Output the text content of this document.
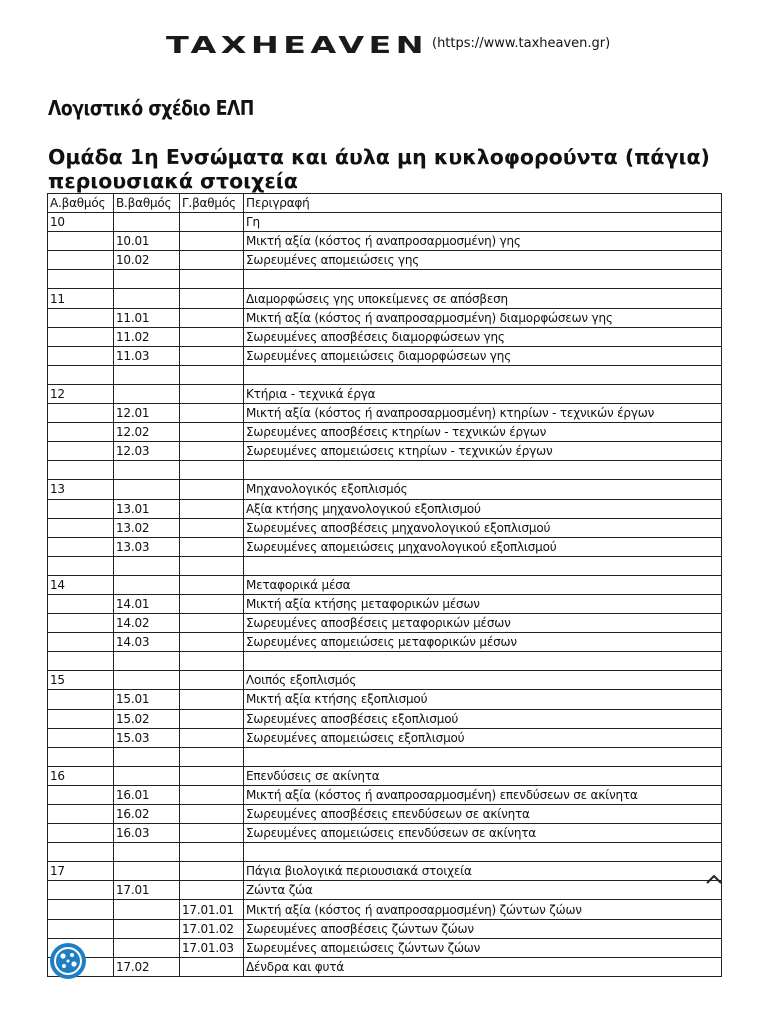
TAXHEAVEN (https://www.taxheaven.gr)
Λογιστικό σχέδιο ΕΛΠ
Ομάδα 1η Ενσώματα και άυλα μη κυκλοφορούντα (πάγια) περιουσιακά στοιχεία
Α.βαθμός	Β.βαθμός	Γ.βαθμός	Περιγραφή
10			Γη
	10.01		Μικτή αξία (κόστος ή αναπροσαρμοσμένη) γης
	10.02		Σωρευμένες απομειώσεις γης

11			Διαμορφώσεις γης υποκείμενες σε απόσβεση
	11.01		Μικτή αξία (κόστος ή αναπροσαρμοσμένη) διαμορφώσεων γης
	11.02		Σωρευμένες αποσβέσεις διαμορφώσεων γης
	11.03		Σωρευμένες απομειώσεις διαμορφώσεων γης

12			Κτήρια - τεχνικά έργα
	12.01		Μικτή αξία (κόστος ή αναπροσαρμοσμένη) κτηρίων - τεχνικών έργων
	12.02		Σωρευμένες αποσβέσεις κτηρίων - τεχνικών έργων
	12.03		Σωρευμένες απομειώσεις κτηρίων - τεχνικών έργων

13			Μηχανολογικός εξοπλισμός
	13.01		Αξία κτήσης μηχανολογικού εξοπλισμού
	13.02		Σωρευμένες αποσβέσεις μηχανολογικού εξοπλισμού
	13.03		Σωρευμένες απομειώσεις μηχανολογικού εξοπλισμού

14			Μεταφορικά μέσα
	14.01		Μικτή αξία κτήσης μεταφορικών μέσων
	14.02		Σωρευμένες αποσβέσεις μεταφορικών μέσων
	14.03		Σωρευμένες απομειώσεις μεταφορικών μέσων

15			Λοιπός εξοπλισμός
	15.01		Μικτή αξία κτήσης εξοπλισμού
	15.02		Σωρευμένες αποσβέσεις εξοπλισμού
	15.03		Σωρευμένες απομειώσεις εξοπλισμού

16			Επενδύσεις σε ακίνητα
	16.01		Μικτή αξία (κόστος ή αναπροσαρμοσμένη) επενδύσεων σε ακίνητα
	16.02		Σωρευμένες αποσβέσεις επενδύσεων σε ακίνητα
	16.03		Σωρευμένες απομειώσεις επενδύσεων σε ακίνητα

17			Πάγια βιολογικά περιουσιακά στοιχεία
	17.01		Ζώντα ζώα
		17.01.01	Μικτή αξία (κόστος ή αναπροσαρμοσμένη) ζώντων ζώων
		17.01.02	Σωρευμένες αποσβέσεις ζώντων ζώων
		17.01.03	Σωρευμένες απομειώσεις ζώντων ζώων
	17.02		Δένδρα και φυτά
